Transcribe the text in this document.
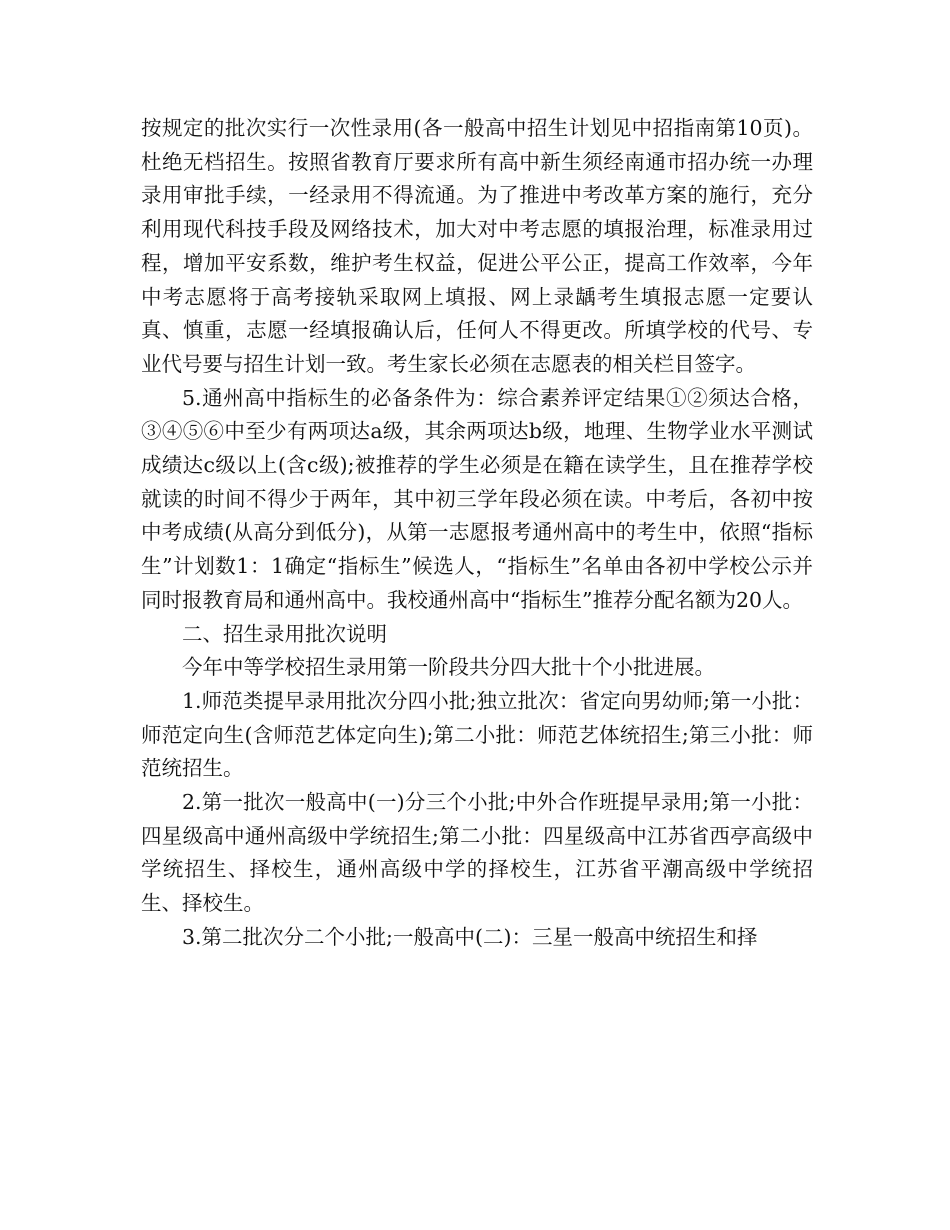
按规定的批次实行一次性录用(各一般高中招生计划见中招指南第10页)。杜绝无档招生。按照省教育厅要求所有高中新生须经南通市招办统一办理录用审批手续，一经录用不得流通。为了推进中考改革方案的施行，充分利用现代科技手段及网络技术，加大对中考志愿的填报治理，标准录用过程，增加平安系数，维护考生权益，促进公平公正，提高工作效率，今年中考志愿将于高考接轨采取网上填报、网上录龋考生填报志愿一定要认真、慎重，志愿一经填报确认后，任何人不得更改。所填学校的代号、专业代号要与招生计划一致。考生家长必须在志愿表的相关栏目签字。

5.通州高中指标生的必备条件为：综合素养评定结果①②须达合格，③④⑤⑥中至少有两项达a级，其余两项达b级，地理、生物学业水平测试成绩达c级以上(含c级);被推荐的学生必须是在籍在读学生，且在推荐学校就读的时间不得少于两年，其中初三学年段必须在读。中考后，各初中按中考成绩(从高分到低分)，从第一志愿报考通州高中的考生中，依照“指标生”计划数1：1确定“指标生”候选人，“指标生”名单由各初中学校公示并同时报教育局和通州高中。我校通州高中“指标生”推荐分配名额为20人。

二、招生录用批次说明

今年中等学校招生录用第一阶段共分四大批十个小批进展。

1.师范类提早录用批次分四小批;独立批次：省定向男幼师;第一小批：师范定向生(含师范艺体定向生);第二小批：师范艺体统招生;第三小批：师范统招生。

2.第一批次一般高中(一)分三个小批;中外合作班提早录用;第一小批：四星级高中通州高级中学统招生;第二小批：四星级高中江苏省西亭高级中学统招生、择校生，通州高级中学的择校生，江苏省平潮高级中学统招生、择校生。

3.第二批次分二个小批;一般高中(二)：三星一般高中统招生和择
